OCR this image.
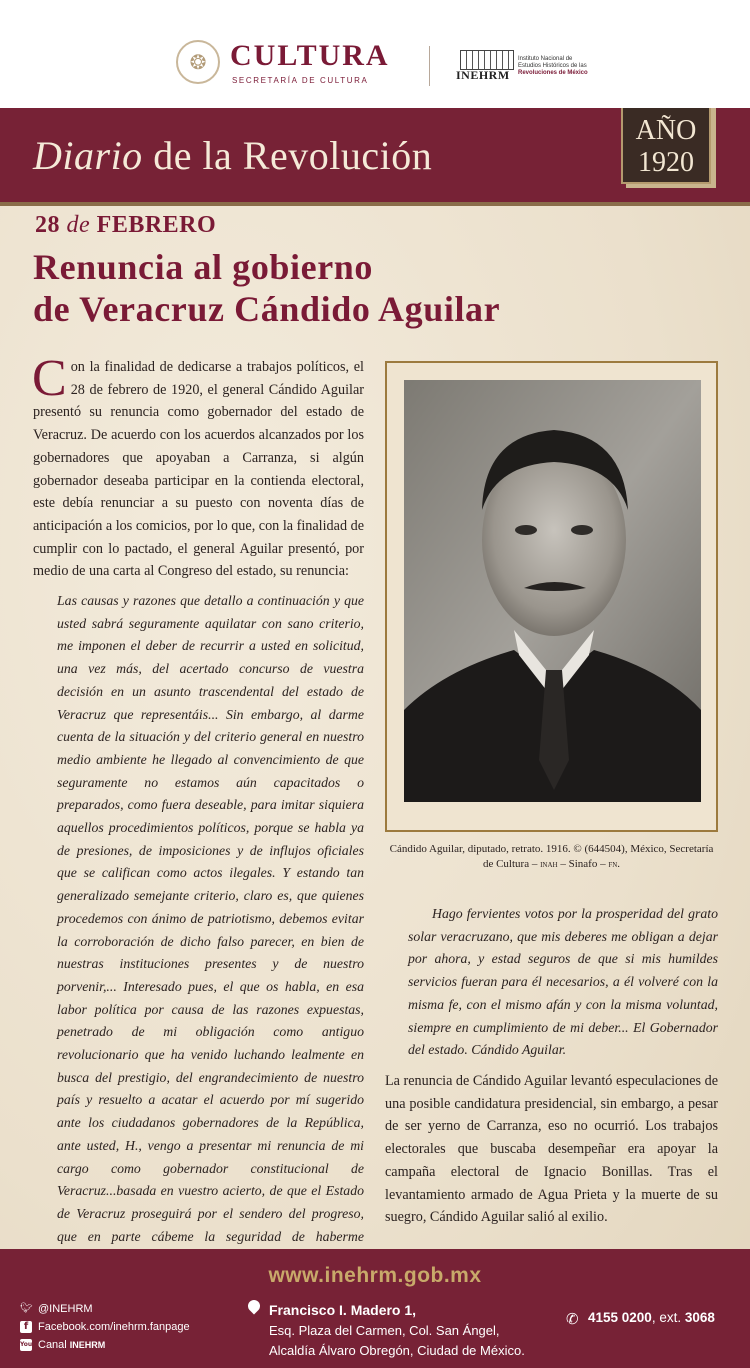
❂ CULTURA
SECRETARÍA DE CULTURA	INEHRM
Instituto Nacional de
Estudios Históricos de las
Revoluciones de México
Diario de la Revolución
AÑO
1920
28 de FEBRERO
Renuncia al gobierno
de Veracruz Cándido Aguilar
Con la finalidad de dedicarse a trabajos políticos, el 28 de febrero de 1920, el general Cándido Aguilar presentó su renuncia como gobernador del estado de Veracruz. De acuerdo con los acuerdos alcanzados por los gobernadores que apoyaban a Carranza, si algún gobernador deseaba participar en la contienda electoral, este debía renunciar a su puesto con noventa días de anticipación a los comicios, por lo que, con la finalidad de cumplir con lo pactado, el general Aguilar presentó, por medio de una carta al Congreso del estado, su renuncia:
Las causas y razones que detallo a continuación y que usted sabrá seguramente aquilatar con sano criterio, me imponen el deber de recurrir a usted en solicitud, una vez más, del acertado concurso de vuestra decisión en un asunto trascendental del estado de Veracruz que representáis... Sin embargo, al darme cuenta de la situación y del criterio general en nuestro medio ambiente he llegado al convencimiento de que seguramente no estamos aún capacitados o preparados, como fuera deseable, para imitar siquiera aquellos procedimientos políticos, porque se habla ya de presiones, de imposiciones y de influjos oficiales que se califican como actos ilegales. Y estando tan generalizado semejante criterio, claro es, que quienes procedemos con ánimo de patriotismo, debemos evitar la corroboración de dicho falso parecer, en bien de nuestras instituciones presentes y de nuestro porvenir,... Interesado pues, el que os habla, en esa labor política por causa de las razones expuestas, penetrado de mi obligación como antiguo revolucionario que ha venido luchando lealmente en busca del prestigio, del engrandecimiento de nuestro país y resuelto a acatar el acuerdo por mí sugerido ante los ciudadanos gobernadores de la República, ante usted, H., vengo a presentar mi renuncia de mi cargo como gobernador constitucional de Veracruz...basada en vuestro acierto, de que el Estado de Veracruz proseguirá por el sendero del progreso, que en parte cábeme la seguridad de haberme
Cándido Aguilar, diputado, retrato. 1916. © (644504), México, Secretaría de Cultura – inah – Sinafo – fn.
Hago fervientes votos por la prosperidad del grato solar veracruzano, que mis deberes me obligan a dejar por ahora, y estad seguros de que si mis humildes servicios fueran para él necesarios, a él volveré con la misma fe, con el mismo afán y con la misma voluntad, siempre en cumplimiento de mi deber... El Gobernador del estado. Cándido Aguilar.
La renuncia de Cándido Aguilar levantó especulaciones de una posible candidatura presidencial, sin embargo, a pesar de ser yerno de Carranza, eso no ocurrió. Los trabajos electorales que buscaba desempeñar era apoyar la campaña electoral de Ignacio Bonillas. Tras el levantamiento armado de Agua Prieta y la muerte de su suegro, Cándido Aguilar salió al exilio.
www.inehrm.gob.mx
🐦︎ @INEHRM
f Facebook.com/inehrm.fanpage
You Canal INEHRM
Francisco I. Madero 1,
Esq. Plaza del Carmen, Col. San Ángel,
Alcaldía Álvaro Obregón, Ciudad de México.
✆ 4155 0200, ext. 3068
